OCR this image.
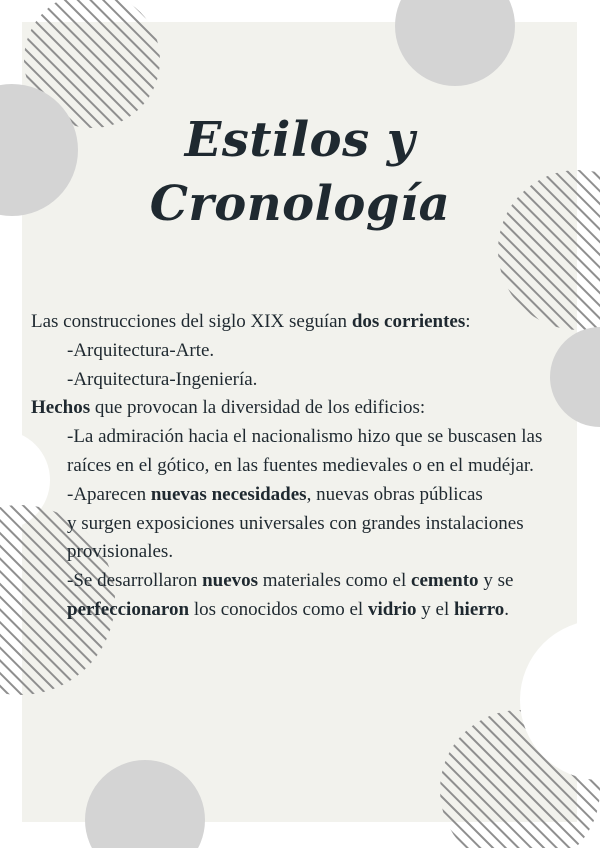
Estilos y
Cronología

Las construcciones del siglo XIX seguían dos corrientes:

-Arquitectura-Arte.

-Arquitectura-Ingeniería.

Hechos que provocan la diversidad de los edificios:

-La admiración hacia el nacionalismo hizo que se buscasen las

raíces en el gótico, en las fuentes medievales o en el mudéjar.

-Aparecen nuevas necesidades, nuevas obras públicas

y surgen exposiciones universales con grandes instalaciones

provisionales.

-Se desarrollaron nuevos materiales como el cemento y se

perfeccionaron los conocidos como el vidrio y el hierro.
